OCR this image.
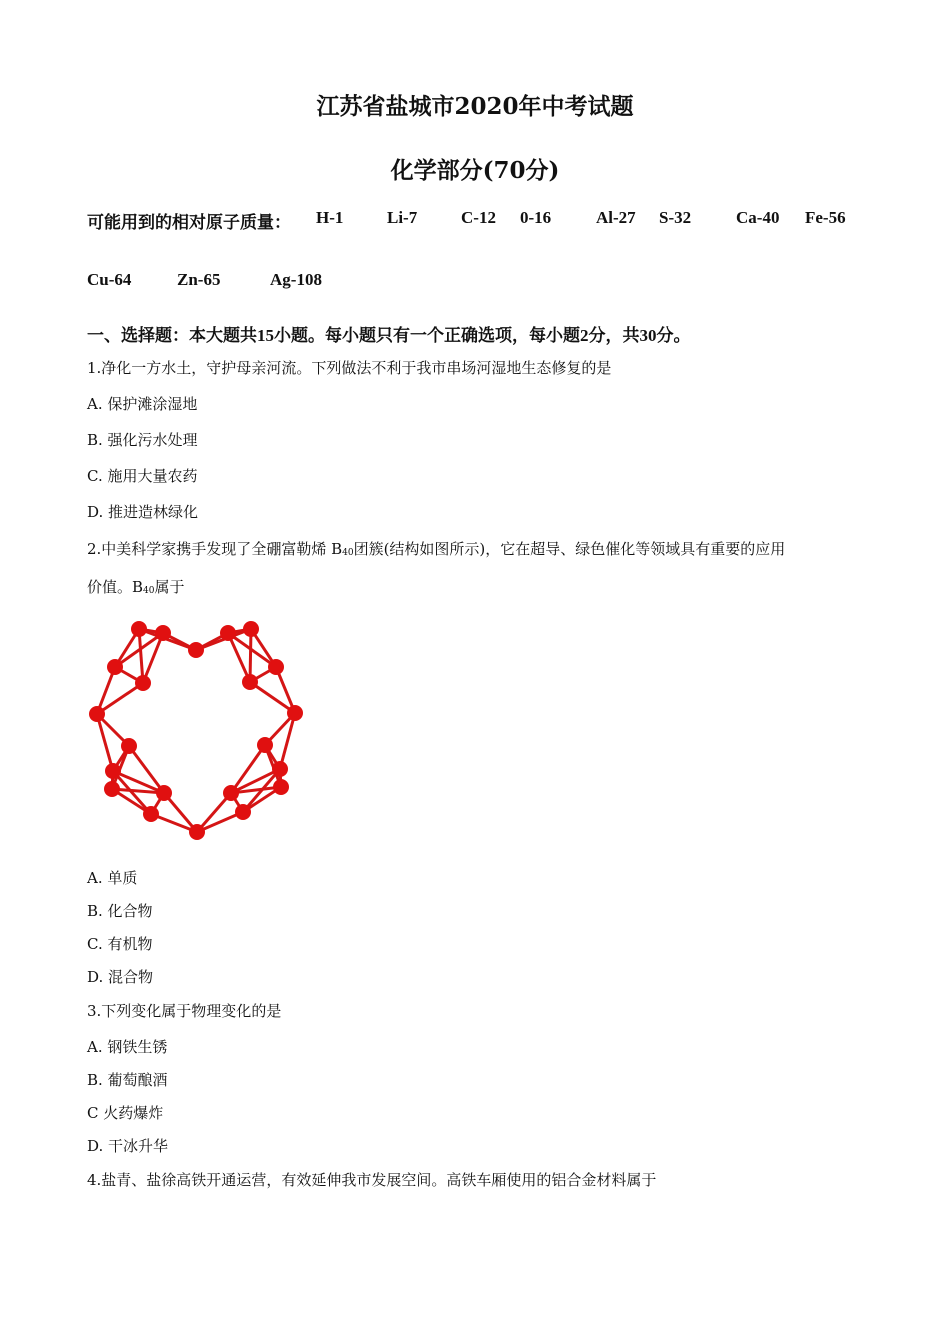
江苏省盐城市2020年中考试题
化学部分(70分)
可能用到的相对原子质量： H-1	Li-7	C-12 0-16	Al-27 S-32	Ca-40 Fe-56
Cu-64	Zn-65	Ag-108
一、选择题：本大题共15小题。每小题只有一个正确选项，每小题2分，共30分。
1.净化一方水土，守护母亲河流。下列做法不利于我市串场河湿地生态修复的是
A. 保护滩涂湿地
B. 强化污水处理
C. 施用大量农药
D. 推进造林绿化
2.中美科学家携手发现了全硼富勒烯 $B_{40}$团簇(结构如图所示)，它在超导、绿色催化等领域具有重要的应用
价值。$B_{40}$属于
A. 单质
B. 化合物
C. 有机物
D. 混合物
3.下列变化属于物理变化的是
A. 钢铁生锈
B. 葡萄酿酒
C 火药爆炸
D. 干冰升华
4.盐青、盐徐高铁开通运营，有效延伸我市发展空间。高铁车厢使用的铝合金材料属于
